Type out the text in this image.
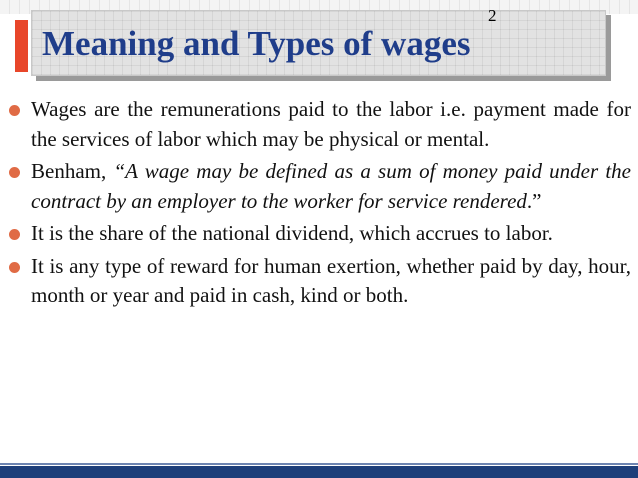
Meaning and Types of wages
2
Wages are the remunerations paid to the labor i.e. payment made for the services of labor which may be physical or mental.
Benham, “A wage may be defined as a sum of money paid under the contract by an employer to the worker for service rendered.”
It is the share of the national dividend, which accrues to labor.
It is any type of reward for human exertion, whether paid by day, hour, month or year and paid in cash, kind or both.
